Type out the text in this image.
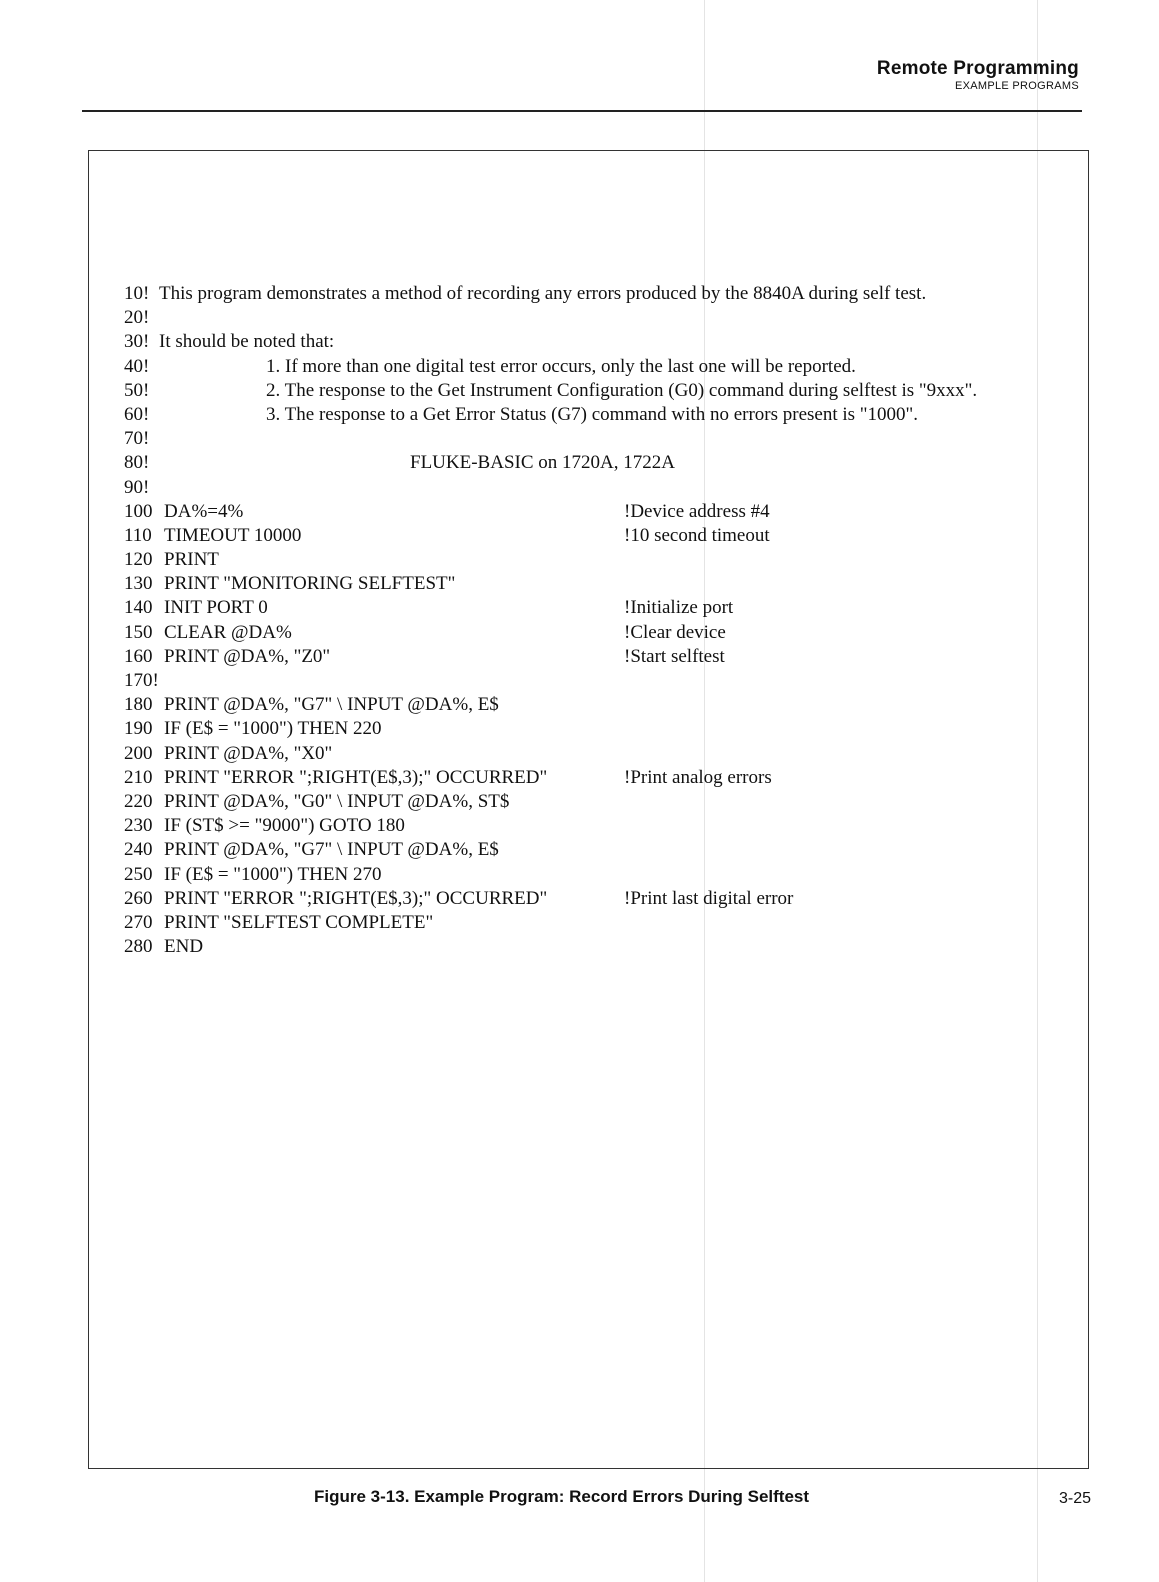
Remote Programming
EXAMPLE PROGRAMS
10! This program demonstrates a method of recording any errors produced by the 8840A during self test.
20!
30! It should be noted that:
40!	1. If more than one digital test error occurs, only the last one will be reported.
50!	2. The response to the Get Instrument Configuration (G0) command during selftest is "9xxx".
60!	3. The response to a Get Error Status (G7) command with no errors present is "1000".
70!
80!	FLUKE-BASIC on 1720A, 1722A
90!
100 DA%=4%	!Device address #4
110 TIMEOUT 10000	!10 second timeout
120 PRINT
130 PRINT "MONITORING SELFTEST"
140 INIT PORT 0	!Initialize port
150 CLEAR @DA%	!Clear device
160 PRINT @DA%, "Z0"	!Start selftest
170!
180 PRINT @DA%, "G7" \ INPUT @DA%, E$
190 IF (E$ = "1000") THEN 220
200 PRINT @DA%, "X0"
210 PRINT "ERROR ";RIGHT(E$,3);" OCCURRED"	!Print analog errors
220 PRINT @DA%, "G0" \ INPUT @DA%, ST$
230 IF (ST$ >= "9000") GOTO 180
240 PRINT @DA%, "G7" \ INPUT @DA%, E$
250 IF (E$ = "1000") THEN 270
260 PRINT "ERROR ";RIGHT(E$,3);" OCCURRED"	!Print last digital error
270 PRINT "SELFTEST COMPLETE"
280 END
Figure 3-13. Example Program: Record Errors During Selftest	3-25
